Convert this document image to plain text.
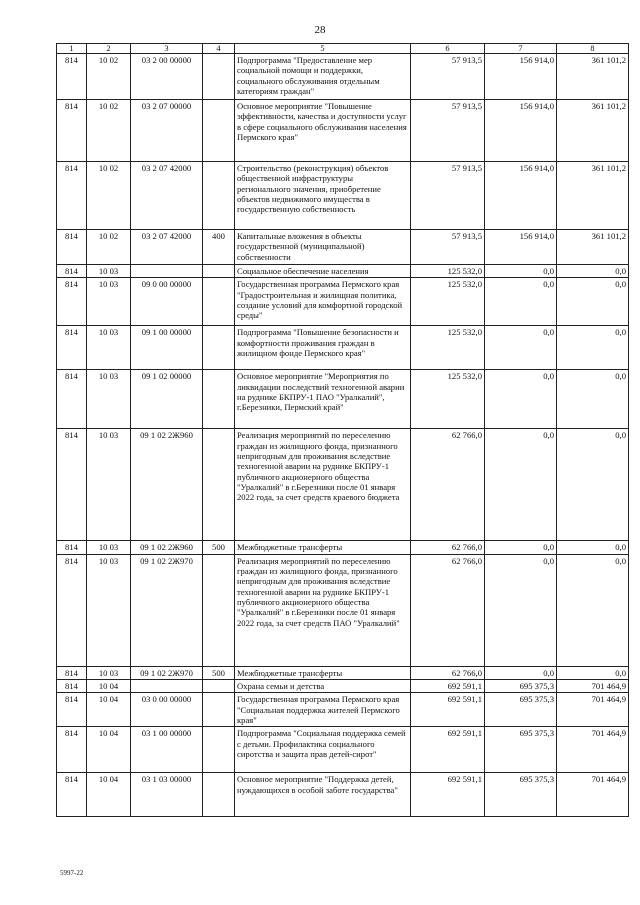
28
1	2	3	4	5	6	7	8
814	10 02	03 2 00 00000		Подпрограмма "Предоставление мер социальной помощи и поддержки, социального обслуживания отдельным категориям граждан"	57 913,5	156 914,0	361 101,2
814	10 02	03 2 07 00000		Основное мероприятие "Повышение эффективности, качества и доступности услуг в сфере социального обслуживания населения Пермского края"	57 913,5	156 914,0	361 101,2
814	10 02	03 2 07 42000		Строительство (реконструкция) объектов общественной инфраструктуры регионального значения, приобретение объектов недвижимого имущества в государственную собственность	57 913,5	156 914,0	361 101,2
814	10 02	03 2 07 42000	400	Капитальные вложения в объекты государственной (муниципальной) собственности	57 913,5	156 914,0	361 101,2
814	10 03			Социальное обеспечение населения	125 532,0	0,0	0,0
814	10 03	09 0 00 00000		Государственная программа Пермского края "Градостроительная и жилищная политика, создание условий для комфортной городской среды"	125 532,0	0,0	0,0
814	10 03	09 1 00 00000		Подпрограмма "Повышение безопасности и комфортности проживания граждан в жилищном фонде Пермского края"	125 532,0	0,0	0,0
814	10 03	09 1 02 00000		Основное мероприятие "Мероприятия по ликвидации последствий техногенной аварии на руднике БКПРУ-1 ПАО "Уралкалий", г.Березники, Пермский край"	125 532,0	0,0	0,0
814	10 03	09 1 02 2Ж960		Реализация мероприятий по переселению граждан из жилищного фонда, признанного непригодным для проживания вследствие техногенной аварии на руднике БКПРУ-1 публичного акционерного общества "Уралкалий" в г.Березники после 01 января 2022 года, за счет средств краевого бюджета	62 766,0	0,0	0,0
814	10 03	09 1 02 2Ж960	500	Межбюджетные трансферты	62 766,0	0,0	0,0
814	10 03	09 1 02 2Ж970		Реализация мероприятий по переселению граждан из жилищного фонда, признанного непригодным для проживания вследствие техногенной аварии на руднике БКПРУ-1 публичного акционерного общества "Уралкалий" в г.Березники после 01 января 2022 года, за счет средств ПАО "Уралкалий"	62 766,0	0,0	0,0
814	10 03	09 1 02 2Ж970	500	Межбюджетные трансферты	62 766,0	0,0	0,0
814	10 04			Охрана семьи и детства	692 591,1	695 375,3	701 464,9
814	10 04	03 0 00 00000		Государственная программа Пермского края "Социальная поддержка жителей Пермского края"	692 591,1	695 375,3	701 464,9
814	10 04	03 1 00 00000		Подпрограмма "Социальная поддержка семей с детьми. Профилактика социального сиротства и защита прав детей-сирот"	692 591,1	695 375,3	701 464,9
814	10 04	03 1 03 00000		Основное мероприятие "Поддержка детей, нуждающихся в особой заботе государства"	692 591,1	695 375,3	701 464,9
5997-22
